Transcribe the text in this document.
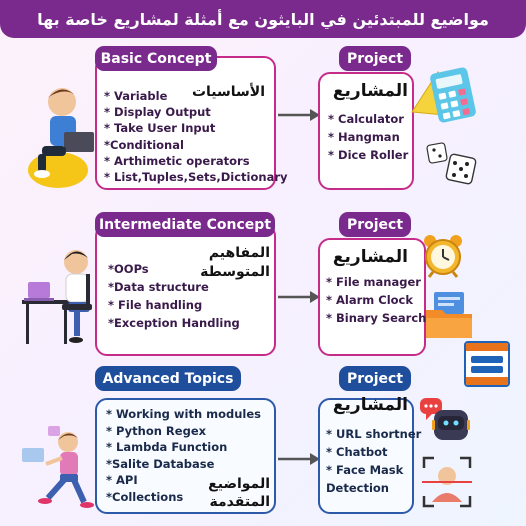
مواضيع للمبتدئين في البايثون مع أمثلة لمشاريع خاصة بها
Basic Concept
الأساسيات
* Variable
* Display Output
* Take User Input
*Conditional
* Arthimetic operators
* List,Tuples,Sets,Dictionary
Project
المشاريع
* Calculator
* Hangman
* Dice Roller
Intermediate Concept
المفاهيم
المتوسطة
*OOPs
*Data structure
* File handling
*Exception Handling
Project
المشاريع
* File manager
* Alarm Clock
* Binary Search
Advanced Topics
* Working with modules
* Python Regex
* Lambda Function
*Salite Database
* API
*Collections
المواضيع
المتقدمة
Project
المشاريع
* URL shortner
* Chatbot
* Face Mask
Detection
